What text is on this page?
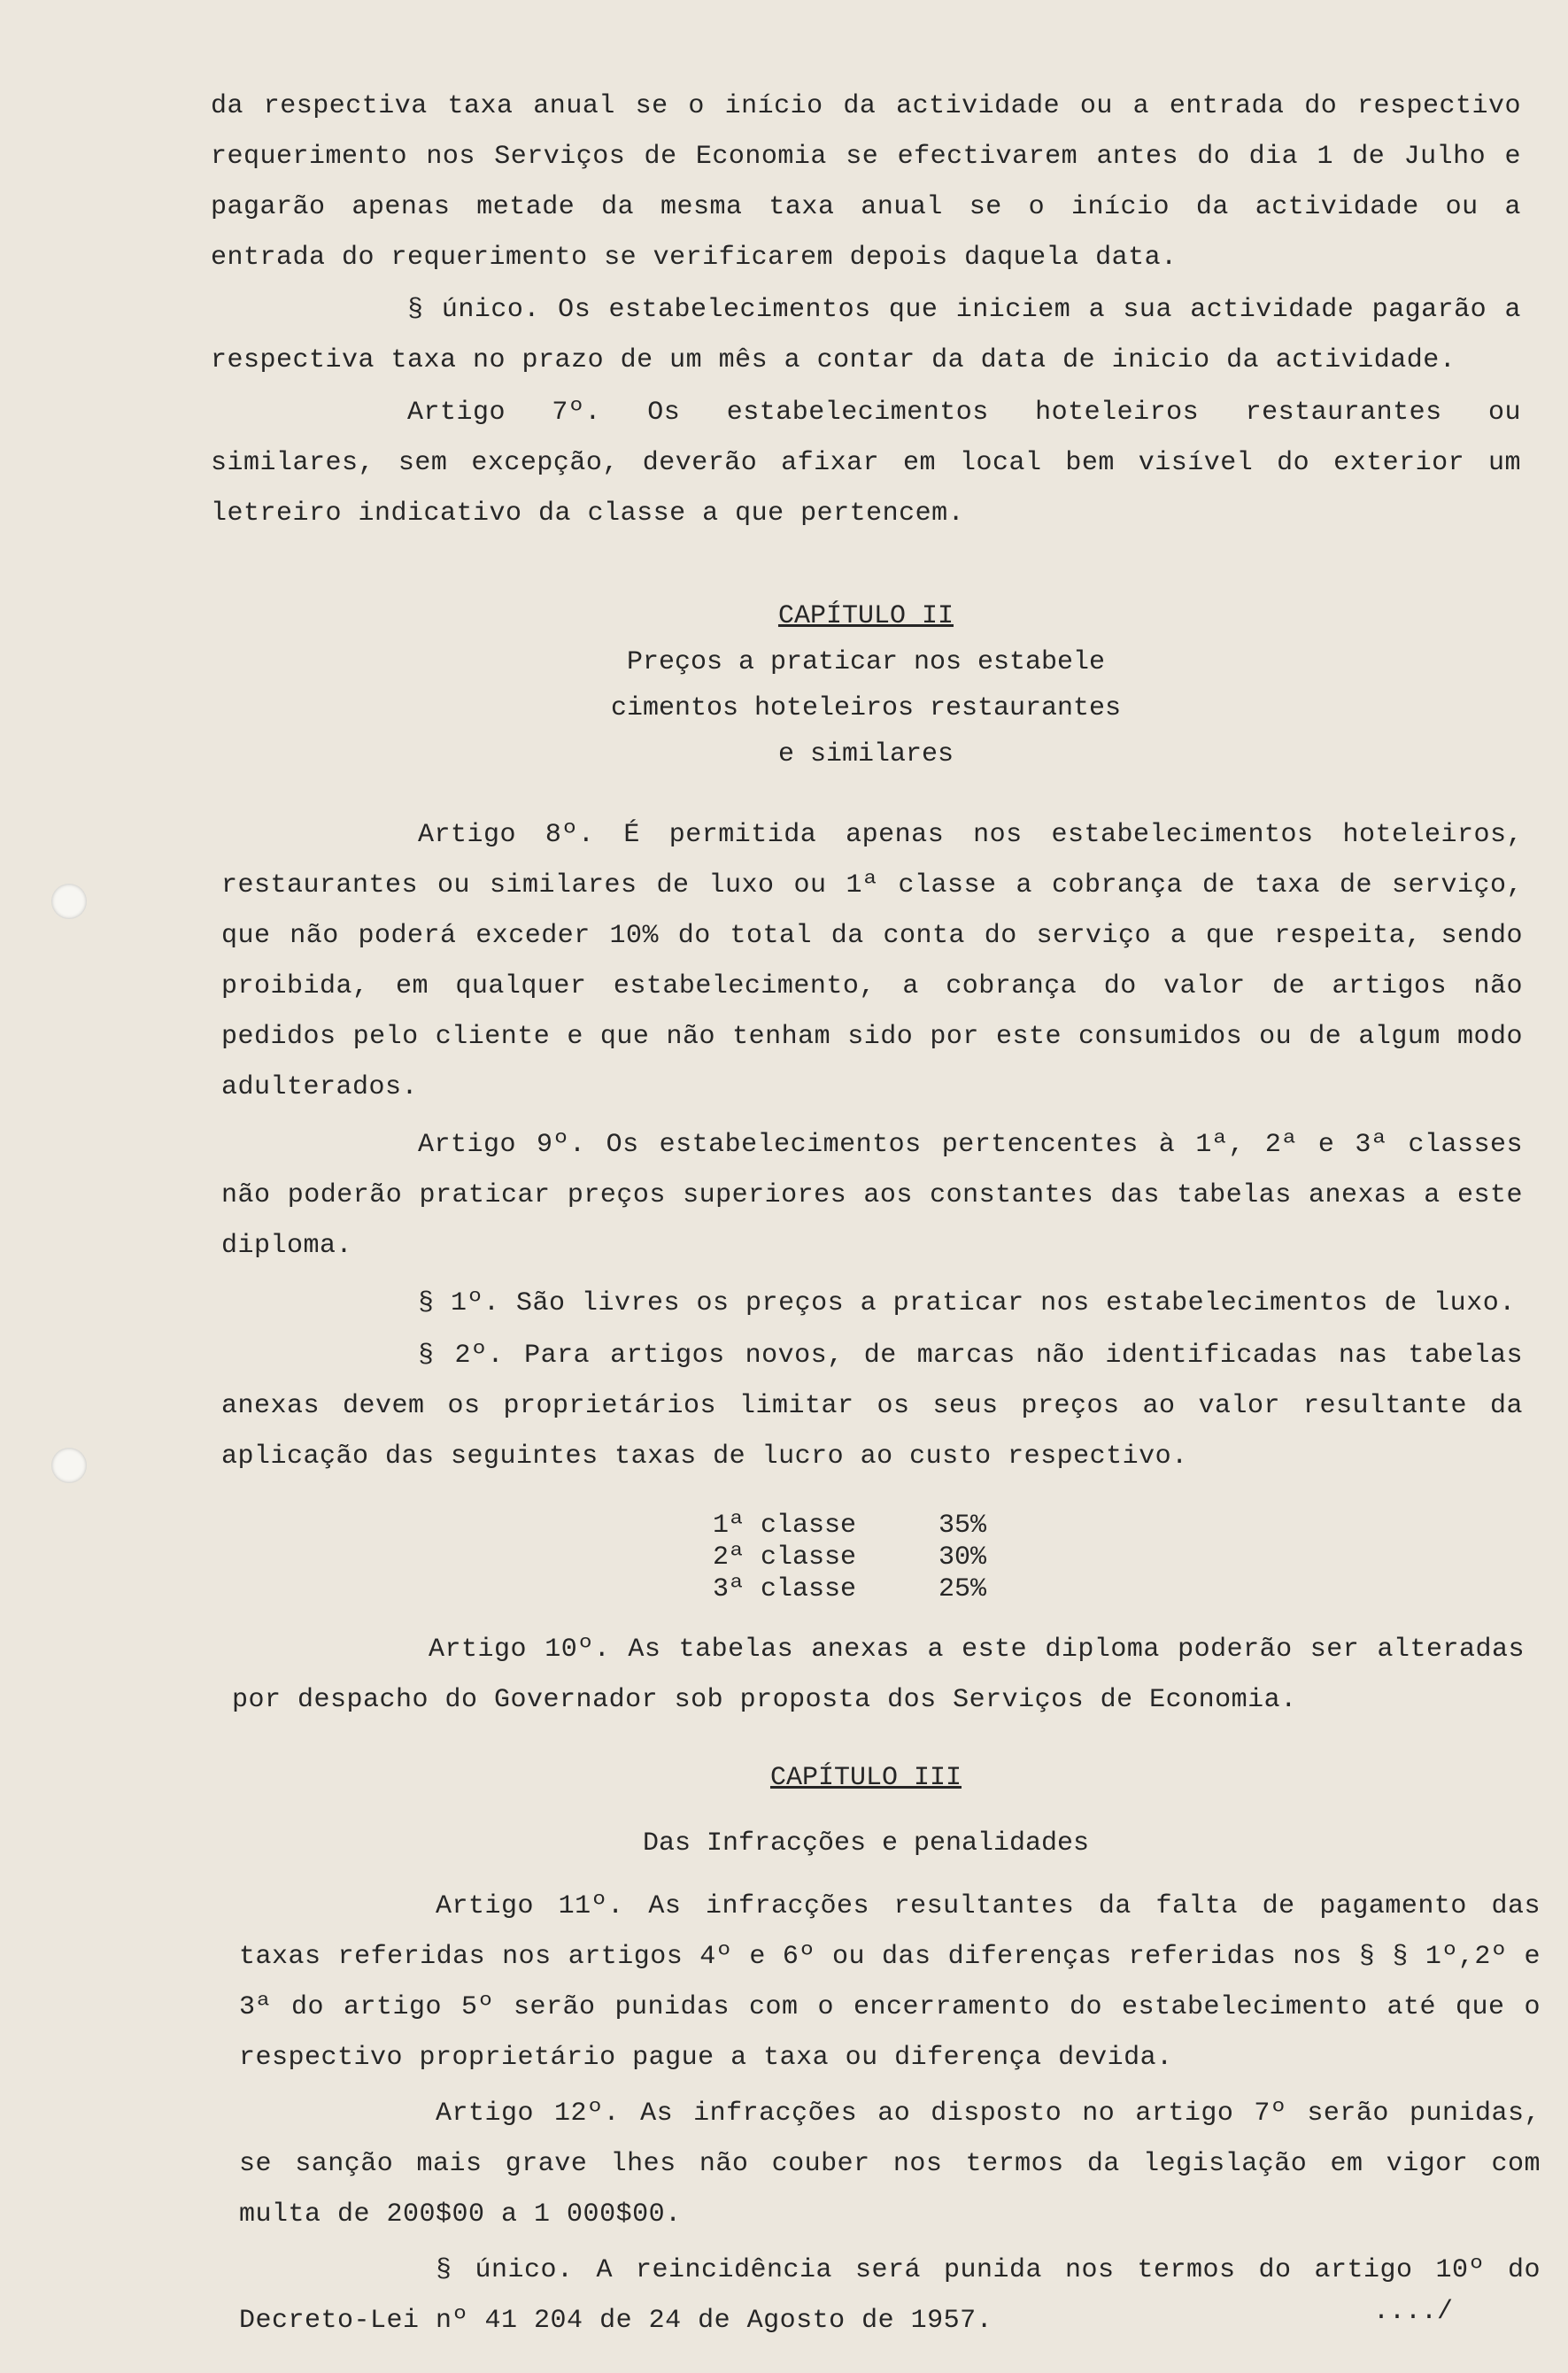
da respectiva taxa anual se o início da actividade ou a entrada do respectivo requerimento nos Serviços de Economia se efectivarem antes do dia 1 de Julho e pagarão apenas metade da mesma taxa anual se o início da actividade ou a entrada do requerimento se verificarem depois daquela data.

§ único. Os estabelecimentos que iniciem a sua actividade pagarão a respectiva taxa no prazo de um mês a contar da data de inicio da actividade.

Artigo 7º. Os estabelecimentos hoteleiros restaurantes ou similares, sem excepção, deverão afixar em local bem visível do exterior um letreiro indicativo da classe a que pertencem.

CAPÍTULO II

Preços a praticar nos estabele

cimentos hoteleiros restaurantes

e similares

Artigo 8º. É permitida apenas nos estabelecimentos hoteleiros, restaurantes ou similares de luxo ou 1ª classe a cobrança de taxa de serviço, que não poderá exceder 10% do total da conta do serviço a que respeita, sendo proibida, em qualquer estabelecimento, a cobrança do valor de artigos não pedidos pelo cliente e que não tenham sido por este consumidos ou de algum modo adulterados.

Artigo 9º. Os estabelecimentos pertencentes à 1ª, 2ª e 3ª classes não poderão praticar preços superiores aos constantes das tabelas anexas a este diploma.

§ 1º. São livres os preços a praticar nos estabelecimentos de luxo.

§ 2º. Para artigos novos, de marcas não identificadas nas tabelas anexas devem os proprietários limitar os seus preços ao valor resultante da aplicação das seguintes taxas de lucro ao custo respectivo.

1ª classe	35%
2ª classe	30%
3ª classe	25%

Artigo 10º. As tabelas anexas a este diploma poderão ser alteradas por despacho do Governador sob proposta dos Serviços de Economia.

CAPÍTULO III

Das Infracções e penalidades

Artigo 11º. As infracções resultantes da falta de pagamento das taxas referidas nos artigos 4º e 6º ou das diferenças referidas nos § § 1º,2º e 3ª do artigo 5º serão punidas com o encerramento do estabelecimento até que o respectivo proprietário pague a taxa ou diferença devida.

Artigo 12º. As infracções ao disposto no artigo 7º serão punidas, se sanção mais grave lhes não couber nos termos da legislação em vigor com multa de 200$00 a 1 000$00.

§ único. A reincidência será punida nos termos do artigo 10º do Decreto-Lei nº 41 204 de 24 de Agosto de 1957.	..../
